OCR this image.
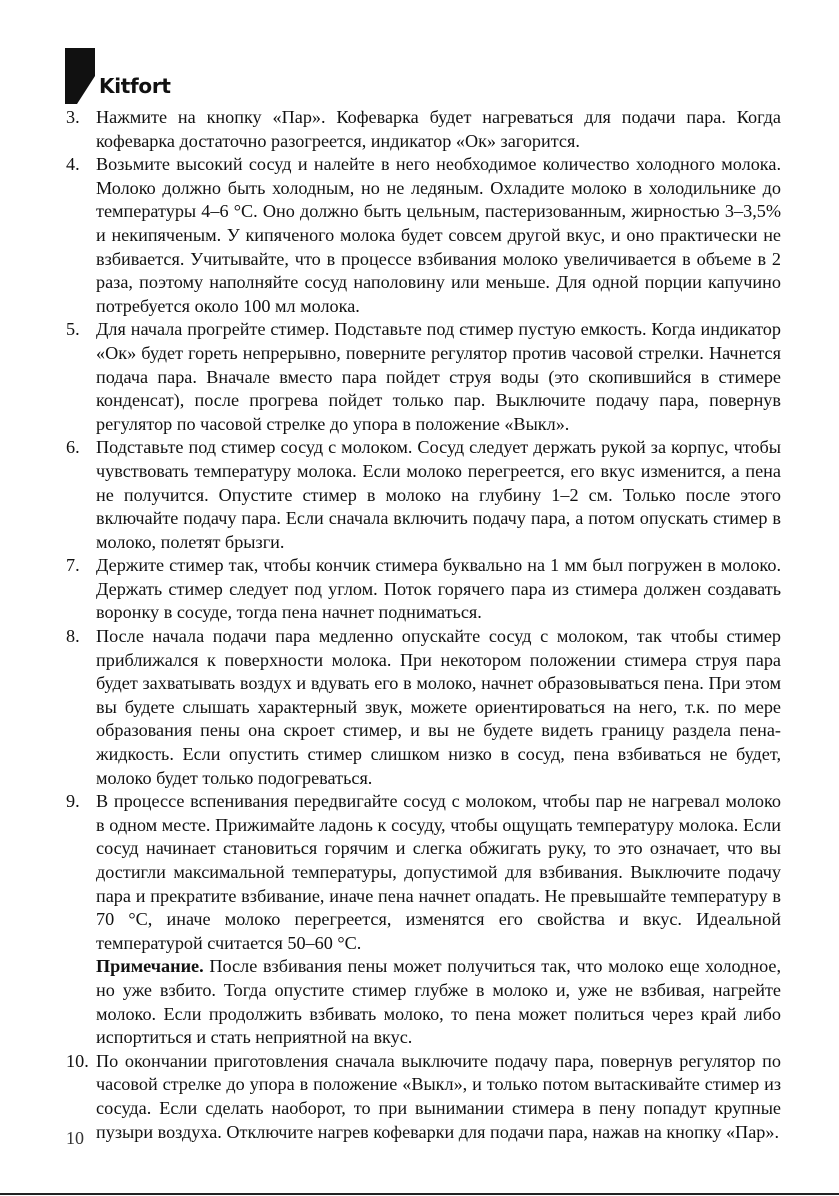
Kitfort
3. Нажмите на кнопку «Пар». Кофеварка будет нагреваться для подачи пара. Когда кофеварка достаточно разогреется, индикатор «Ок» загорится.

4. Возьмите высокий сосуд и налейте в него необходимое количество холодного молока. Молоко должно быть холодным, но не ледяным. Охладите молоко в холодильнике до температуры 4–6 °С. Оно должно быть цельным, пастеризованным, жирностью 3–3,5% и некипяченым. У кипяченого молока будет совсем другой вкус, и оно практически не взбивается. Учитывайте, что в процессе взбивания молоко увеличивается в объеме в 2 раза, поэтому наполняйте сосуд наполовину или меньше. Для одной порции капучино потребуется около 100 мл молока.

5. Для начала прогрейте стимер. Подставьте под стимер пустую емкость. Когда индикатор «Ок» будет гореть непрерывно, поверните регулятор против часовой стрелки. Начнется подача пара. Вначале вместо пара пойдет струя воды (это скопившийся в стимере конденсат), после прогрева пойдет только пар. Выключите подачу пара, повернув регулятор по часовой стрелке до упора в положение «Выкл».

6. Подставьте под стимер сосуд с молоком. Сосуд следует держать рукой за корпус, чтобы чувствовать температуру молока. Если молоко перегреется, его вкус изменится, а пена не получится. Опустите стимер в молоко на глубину 1–2 см. Только после этого включайте подачу пара. Если сначала включить подачу пара, а потом опускать стимер в молоко, полетят брызги.

7. Держите стимер так, чтобы кончик стимера буквально на 1 мм был погружен в молоко. Держать стимер следует под углом. Поток горячего пара из стимера должен создавать воронку в сосуде, тогда пена начнет подниматься.

8. После начала подачи пара медленно опускайте сосуд с молоком, так чтобы стимер приближался к поверхности молока. При некотором положении стимера струя пара будет захватывать воздух и вдувать его в молоко, начнет образовываться пена. При этом вы будете слышать характерный звук, можете ориентироваться на него, т.к. по мере образования пены она скроет стимер, и вы не будете видеть границу раздела пена-жидкость. Если опустить стимер слишком низко в сосуд, пена взбиваться не будет, молоко будет только подогреваться.

9. В процессе вспенивания передвигайте сосуд с молоком, чтобы пар не нагревал молоко в одном месте. Прижимайте ладонь к сосуду, чтобы ощущать температуру молока. Если сосуд начинает становиться горячим и слегка обжигать руку, то это означает, что вы достигли максимальной температуры, допустимой для взбивания. Выключите подачу пара и прекратите взбивание, иначе пена начнет опадать. Не превышайте температуру в 70 °С, иначе молоко перегреется, изменятся его свойства и вкус. Идеальной температурой считается 50–60 °С.

Примечание. После взбивания пены может получиться так, что молоко еще холодное, но уже взбито. Тогда опустите стимер глубже в молоко и, уже не взбивая, нагрейте молоко. Если продолжить взбивать молоко, то пена может политься через край либо испортиться и стать неприятной на вкус.

10. По окончании приготовления сначала выключите подачу пара, повернув регулятор по часовой стрелке до упора в положение «Выкл», и только потом вытаскивайте стимер из сосуда. Если сделать наоборот, то при вынимании стимера в пену попадут крупные пузыри воздуха. Отключите нагрев кофеварки для подачи пара, нажав на кнопку «Пар».

10
